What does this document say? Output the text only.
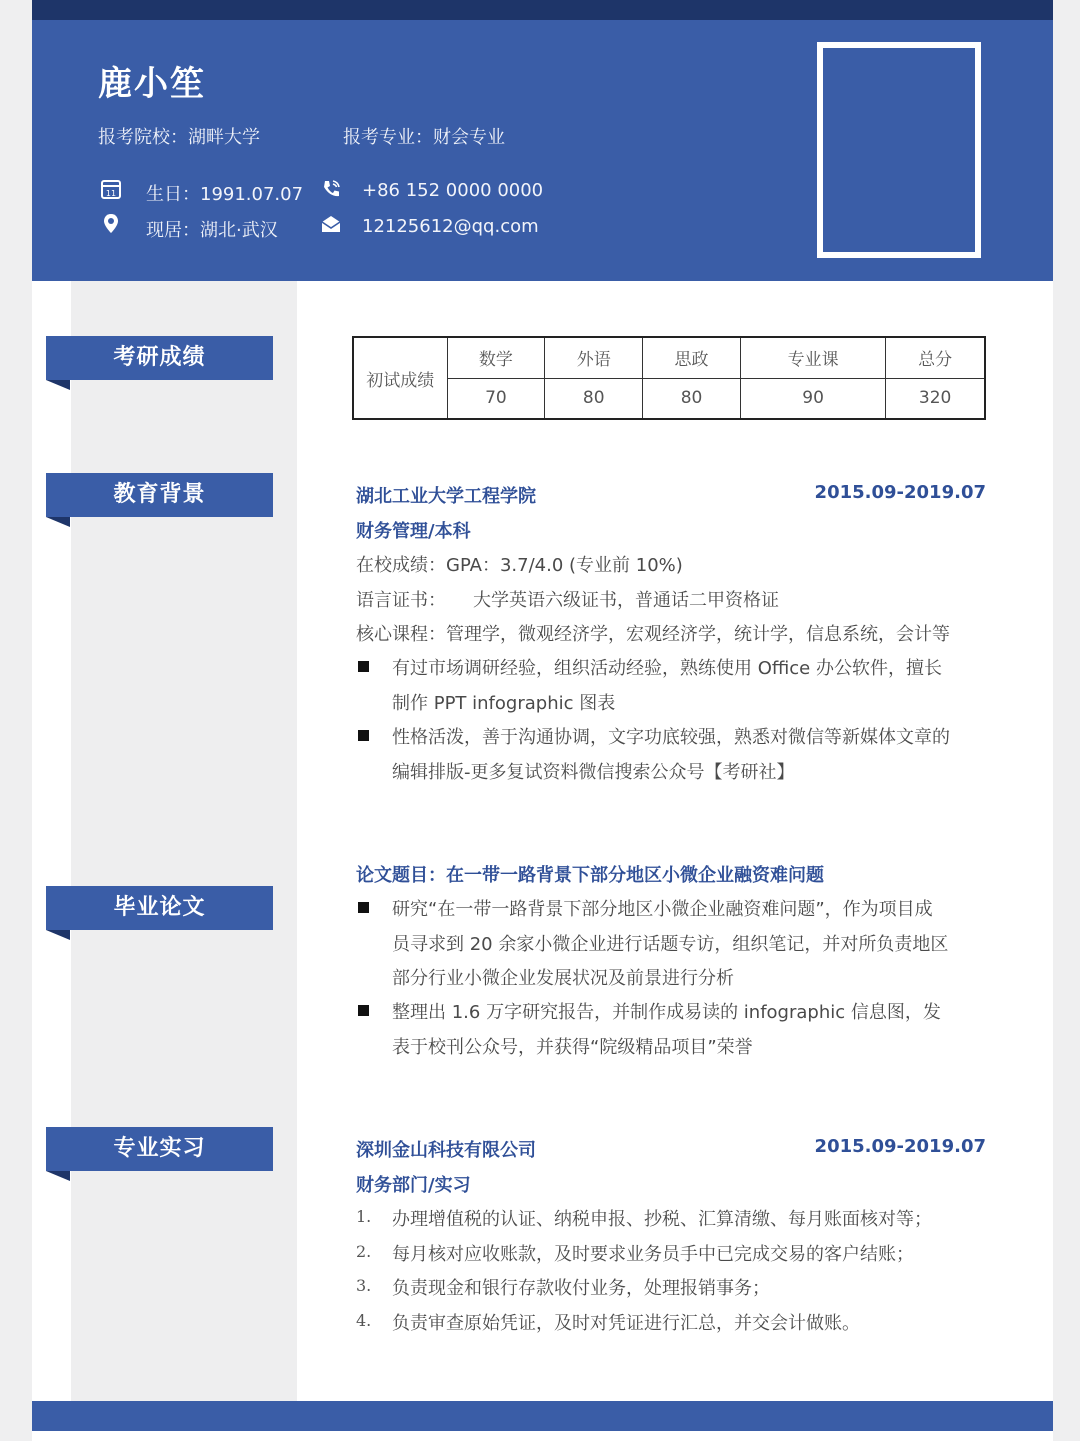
鹿小笙
报考院校：湖畔大学	报考专业：财会专业
11 生日：1991.07.07	+86 152 0000 0000
现居：湖北·武汉	12125612@qq.com
考研成绩
教育背景
毕业论文
专业实习
初试成绩	数学	外语	思政	专业课	总分
	70	80	80	90	320
湖北工业大学工程学院	2015.09-2019.07
财务管理/本科
在校成绩：GPA：3.7/4.0 (专业前 10%)
语言证书：　　大学英语六级证书，普通话二甲资格证
核心课程：管理学，微观经济学，宏观经济学，统计学，信息系统，会计等
有过市场调研经验，组织活动经验，熟练使用 Office 办公软件，擅长
制作 PPT infographic 图表
性格活泼，善于沟通协调，文字功底较强，熟悉对微信等新媒体文章的
编辑排版-更多复试资料微信搜索公众号【考研社】
论文题目：在一带一路背景下部分地区小微企业融资难问题
研究“在一带一路背景下部分地区小微企业融资难问题”，作为项目成
员寻求到 20 余家小微企业进行话题专访，组织笔记，并对所负责地区
部分行业小微企业发展状况及前景进行分析
整理出 1.6 万字研究报告，并制作成易读的 infographic 信息图，发
表于校刊公众号，并获得“院级精品项目”荣誉
深圳金山科技有限公司	2015.09-2019.07
财务部门/实习
1. 办理增值税的认证、纳税申报、抄税、汇算清缴、每月账面核对等；
2. 每月核对应收账款，及时要求业务员手中已完成交易的客户结账；
3. 负责现金和银行存款收付业务，处理报销事务；
4. 负责审查原始凭证，及时对凭证进行汇总，并交会计做账。
